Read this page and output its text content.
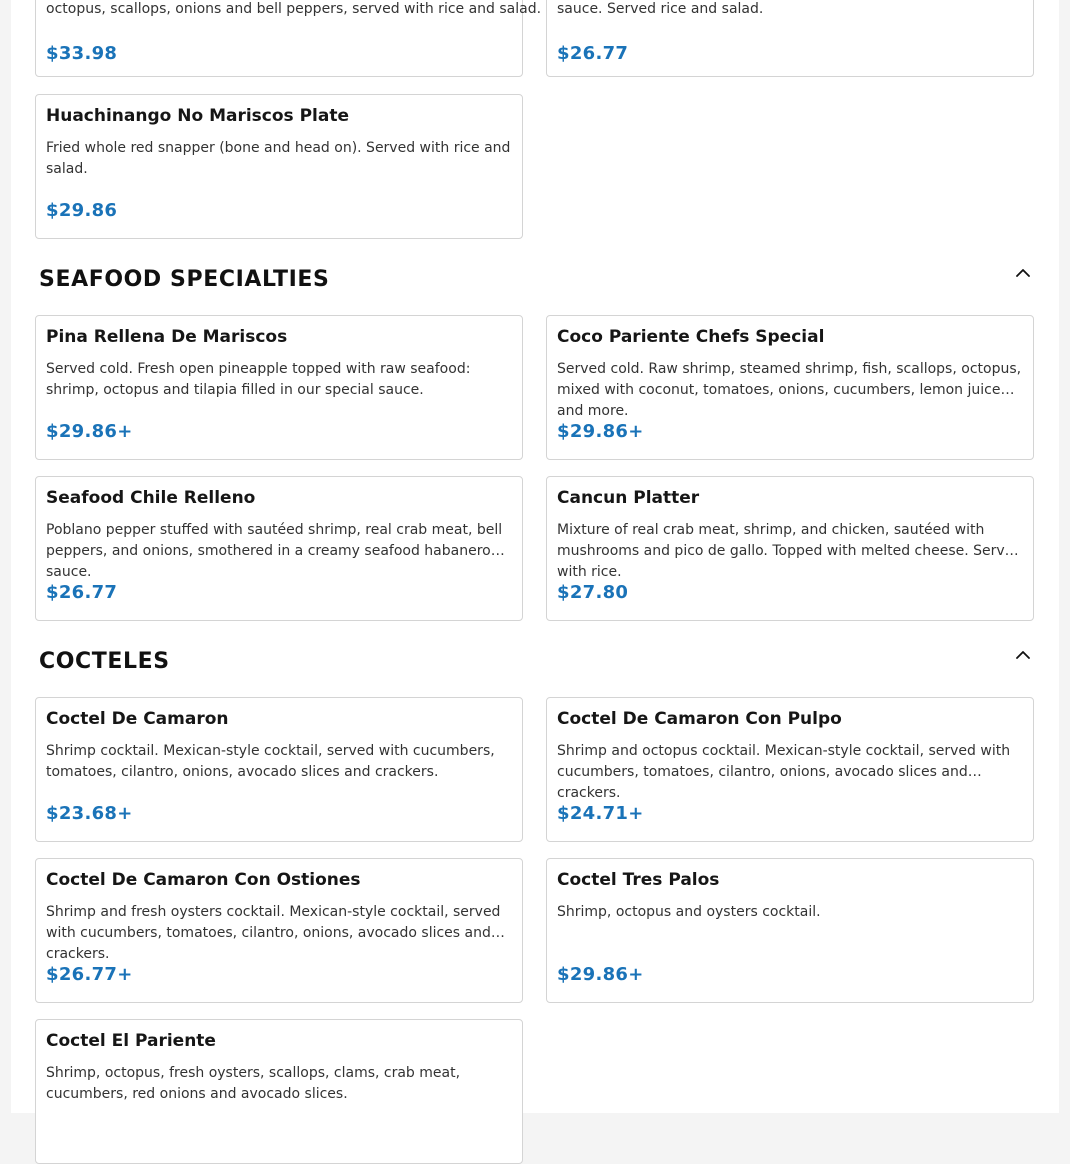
octopus, scallops, onions and bell peppers, served with rice and salad.
$33.98
sauce. Served rice and salad.
$26.77
Huachinango No Mariscos Plate
Fried whole red snapper (bone and head on). Served with rice and salad.
$29.86
SEAFOOD SPECIALTIES
Pina Rellena De Mariscos
Served cold. Fresh open pineapple topped with raw seafood: shrimp, octopus and tilapia filled in our special sauce.
$29.86+
Coco Pariente Chefs Special
Served cold. Raw shrimp, steamed shrimp, fish, scallops, octopus, mixed with coconut, tomatoes, onions, cucumbers, lemon juice and more.
$29.86+
Seafood Chile Relleno
Poblano pepper stuffed with sautéed shrimp, real crab meat, bell peppers, and onions, smothered in a creamy seafood habanero sauce.
$26.77
Cancun Platter
Mixture of real crab meat, shrimp, and chicken, sautéed with mushrooms and pico de gallo. Topped with melted cheese. Served with rice.
$27.80
COCTELES
Coctel De Camaron
Shrimp cocktail. Mexican-style cocktail, served with cucumbers, tomatoes, cilantro, onions, avocado slices and crackers.
$23.68+
Coctel De Camaron Con Pulpo
Shrimp and octopus cocktail. Mexican-style cocktail, served with cucumbers, tomatoes, cilantro, onions, avocado slices and crackers.
$24.71+
Coctel De Camaron Con Ostiones
Shrimp and fresh oysters cocktail. Mexican-style cocktail, served with cucumbers, tomatoes, cilantro, onions, avocado slices and crackers.
$26.77+
Coctel Tres Palos
Shrimp, octopus and oysters cocktail.
$29.86+
Coctel El Pariente
Shrimp, octopus, fresh oysters, scallops, clams, crab meat, cucumbers, red onions and avocado slices.
